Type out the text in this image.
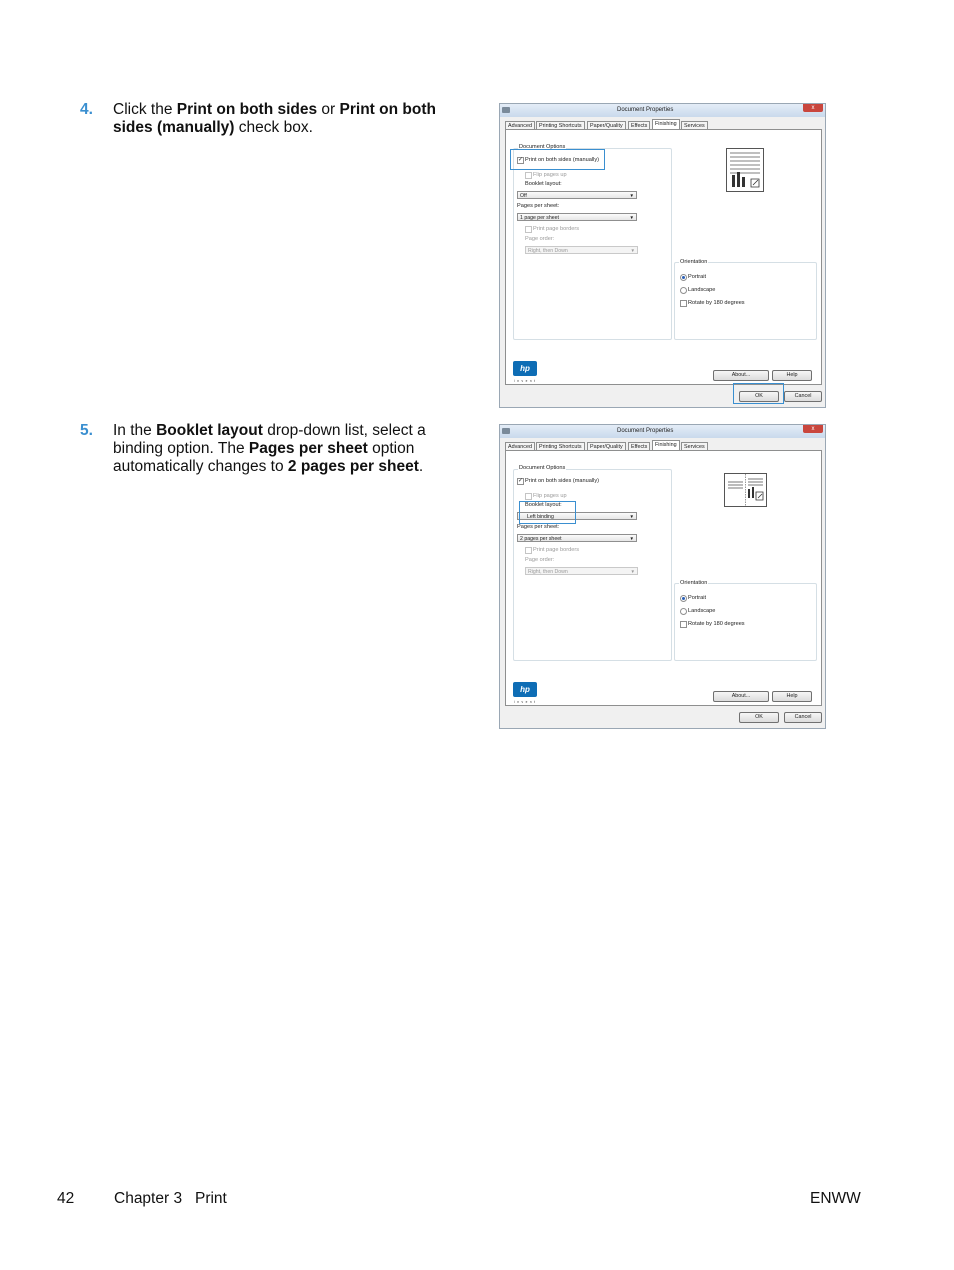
4. Click the Print on both sides or Print on both sides (manually) check box.
5. In the Booklet layout drop-down list, select a binding option. The Pages per sheet option automatically changes to 2 pages per sheet.
Document Properties	x
Advanced	Printing Shortcuts	Paper/Quality	Effects	Finishing	Services
Document Options
✓
Print on both sides (manually)
Flip pages up
Booklet layout:
Off	▼
Pages per sheet:
1 page per sheet	▼
Print page borders
Page order:
Right, then Down	▼
Orientation
Portrait
Landscape
Rotate by 180 degrees
About...	Help
hp
invent
OK	Cancel
Document Properties	x
Advanced	Printing Shortcuts	Paper/Quality	Effects	Finishing	Services
Document Options
✓
Print on both sides (manually)
Flip pages up
Booklet layout:
Left binding	▼
Pages per sheet:
2 pages per sheet	▼
Print page borders
Page order:
Right, then Down	▼
Orientation
Portrait
Landscape
Rotate by 180 degrees
About...	Help
hp
invent
OK	Cancel
42	Chapter 3   Print	ENWW
